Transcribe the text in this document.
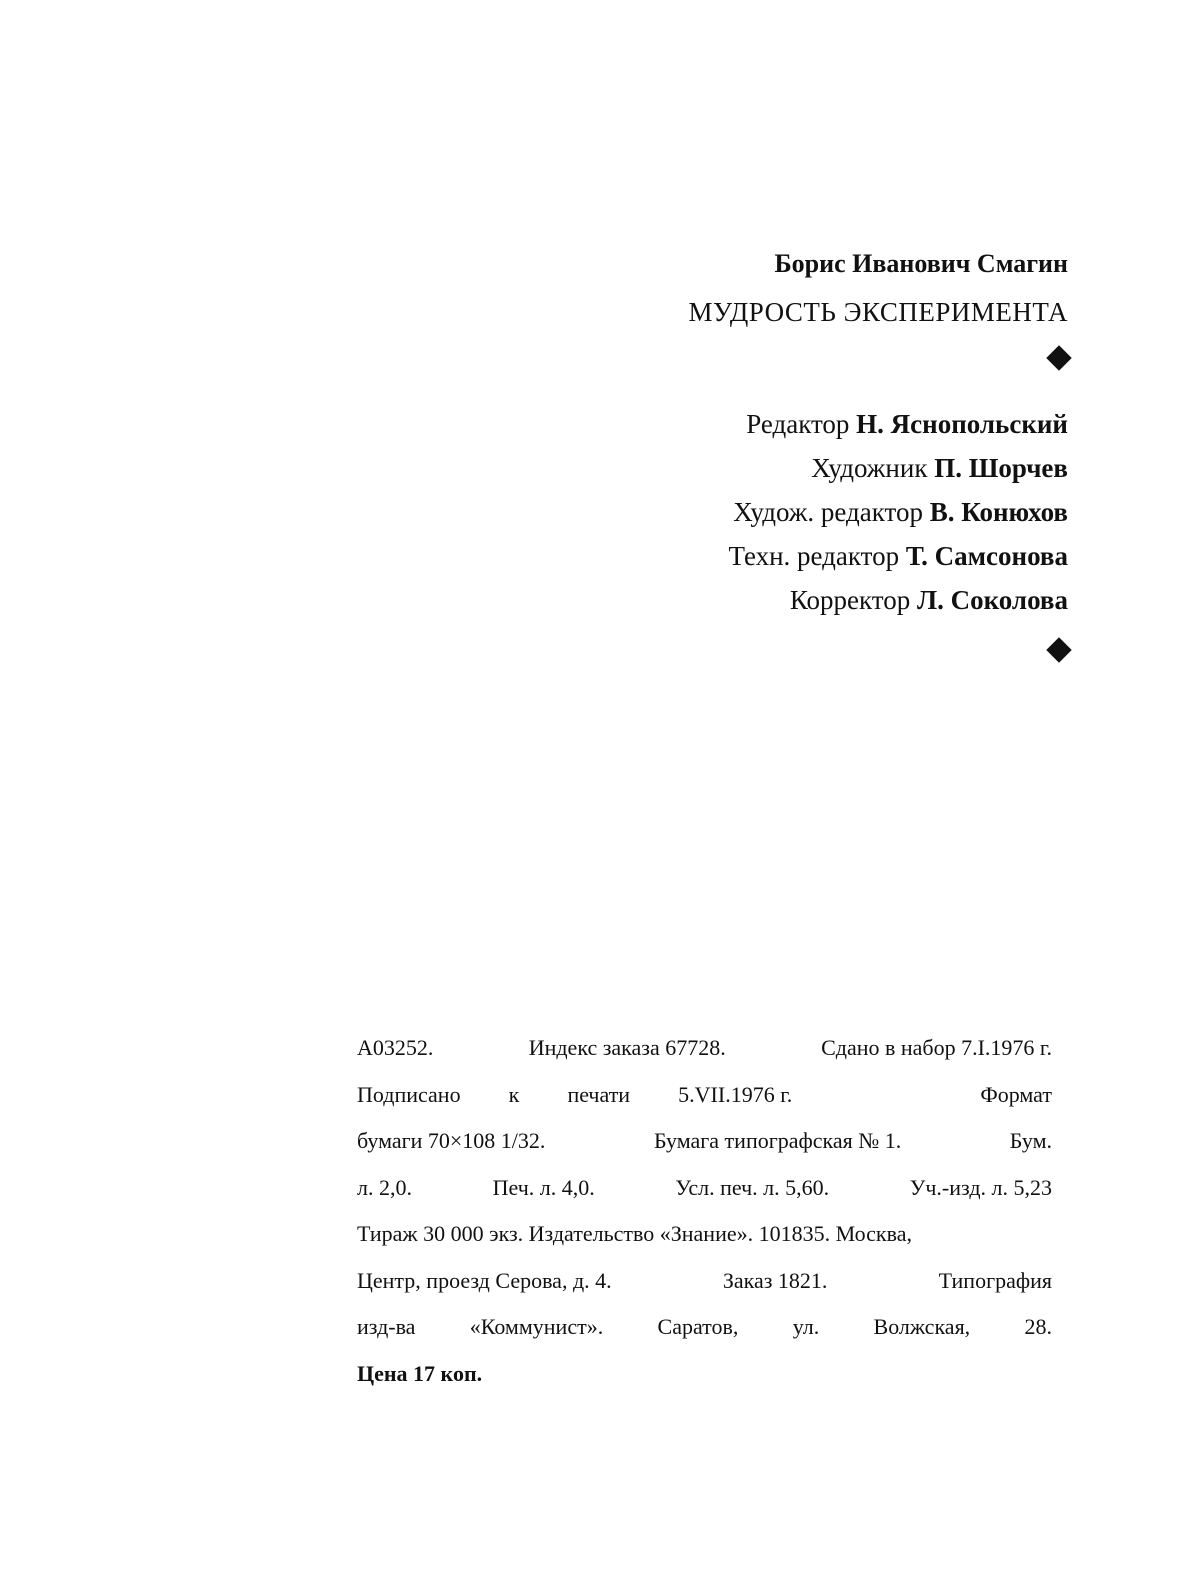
Борис Иванович Смагин

МУДРОСТЬ ЭКСПЕРИМЕНТА

Редактор Н. Яснопольский

Художник П. Шорчев

Худож. редактор В. Конюхов

Техн. редактор Т. Самсонова

Корректор Л. Соколова

А03252.	Индекс заказа 67728.	Сдано в набор 7.I.1976 г.
Подписано к печати 5.VII.1976 г.	Формат
бумаги 70×108 1/32.	Бумага типографская № 1.	Бум.
л. 2,0.	Печ. л. 4,0.	Усл. печ. л. 5,60.	Уч.-изд. л. 5,23
Тираж 30 000 экз. Издательство «Знание». 101835. Москва,
Центр, проезд Серова, д. 4.	Заказ 1821.	Типография
изд-ва «Коммунист». Саратов, ул. Волжская, 28.
Цена 17 коп.
